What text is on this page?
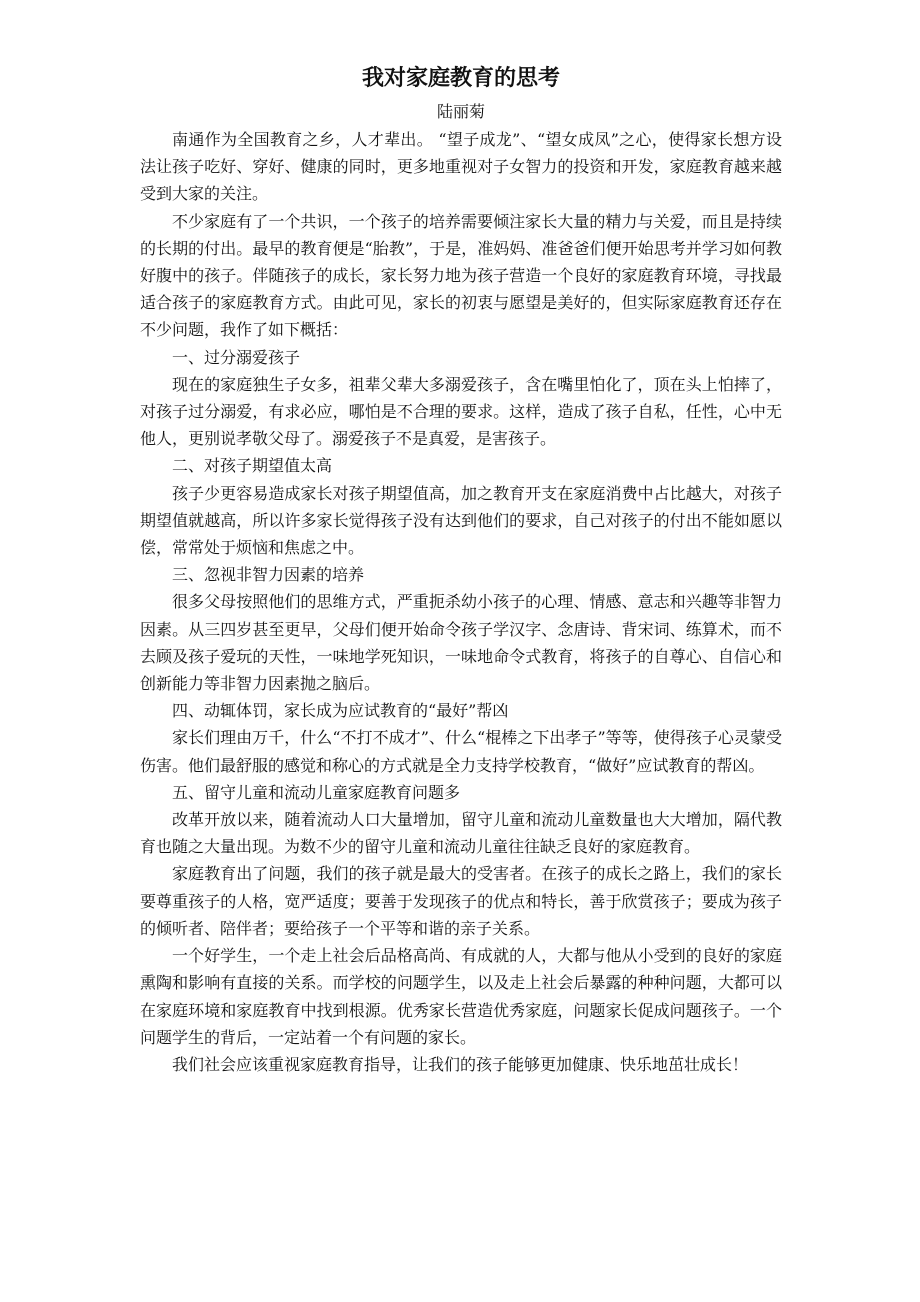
我对家庭教育的思考

陆丽菊

南通作为全国教育之乡，人才辈出。 “望子成龙”、“望女成凤”之心，使得家长想方设法让孩子吃好、穿好、健康的同时，更多地重视对子女智力的投资和开发，家庭教育越来越受到大家的关注。

不少家庭有了一个共识，一个孩子的培养需要倾注家长大量的精力与关爱，而且是持续的长期的付出。最早的教育便是“胎教”，于是，准妈妈、准爸爸们便开始思考并学习如何教好腹中的孩子。伴随孩子的成长，家长努力地为孩子营造一个良好的家庭教育环境，寻找最适合孩子的家庭教育方式。由此可见，家长的初衷与愿望是美好的，但实际家庭教育还存在不少问题，我作了如下概括：

一、过分溺爱孩子

现在的家庭独生子女多，祖辈父辈大多溺爱孩子，含在嘴里怕化了，顶在头上怕摔了，对孩子过分溺爱，有求必应，哪怕是不合理的要求。这样，造成了孩子自私，任性，心中无他人，更别说孝敬父母了。溺爱孩子不是真爱，是害孩子。

二、对孩子期望值太高

孩子少更容易造成家长对孩子期望值高，加之教育开支在家庭消费中占比越大，对孩子期望值就越高，所以许多家长觉得孩子没有达到他们的要求，自己对孩子的付出不能如愿以偿，常常处于烦恼和焦虑之中。

三、忽视非智力因素的培养

很多父母按照他们的思维方式，严重扼杀幼小孩子的心理、情感、意志和兴趣等非智力因素。从三四岁甚至更早，父母们便开始命令孩子学汉字、念唐诗、背宋词、练算术，而不去顾及孩子爱玩的天性，一味地学死知识，一味地命令式教育，将孩子的自尊心、自信心和创新能力等非智力因素抛之脑后。

四、动辄体罚，家长成为应试教育的“最好”帮凶

家长们理由万千，什么“不打不成才”、什么“棍棒之下出孝子”等等，使得孩子心灵蒙受伤害。他们最舒服的感觉和称心的方式就是全力支持学校教育，“做好”应试教育的帮凶。

五、留守儿童和流动儿童家庭教育问题多

改革开放以来，随着流动人口大量增加，留守儿童和流动儿童数量也大大增加，隔代教育也随之大量出现。为数不少的留守儿童和流动儿童往往缺乏良好的家庭教育。

家庭教育出了问题，我们的孩子就是最大的受害者。在孩子的成长之路上，我们的家长要尊重孩子的人格，宽严适度；要善于发现孩子的优点和特长，善于欣赏孩子；要成为孩子的倾听者、陪伴者；要给孩子一个平等和谐的亲子关系。

一个好学生，一个走上社会后品格高尚、有成就的人，大都与他从小受到的良好的家庭熏陶和影响有直接的关系。而学校的问题学生，以及走上社会后暴露的种种问题，大都可以在家庭环境和家庭教育中找到根源。优秀家长营造优秀家庭，问题家长促成问题孩子。一个问题学生的背后，一定站着一个有问题的家长。

我们社会应该重视家庭教育指导，让我们的孩子能够更加健康、快乐地茁壮成长！
